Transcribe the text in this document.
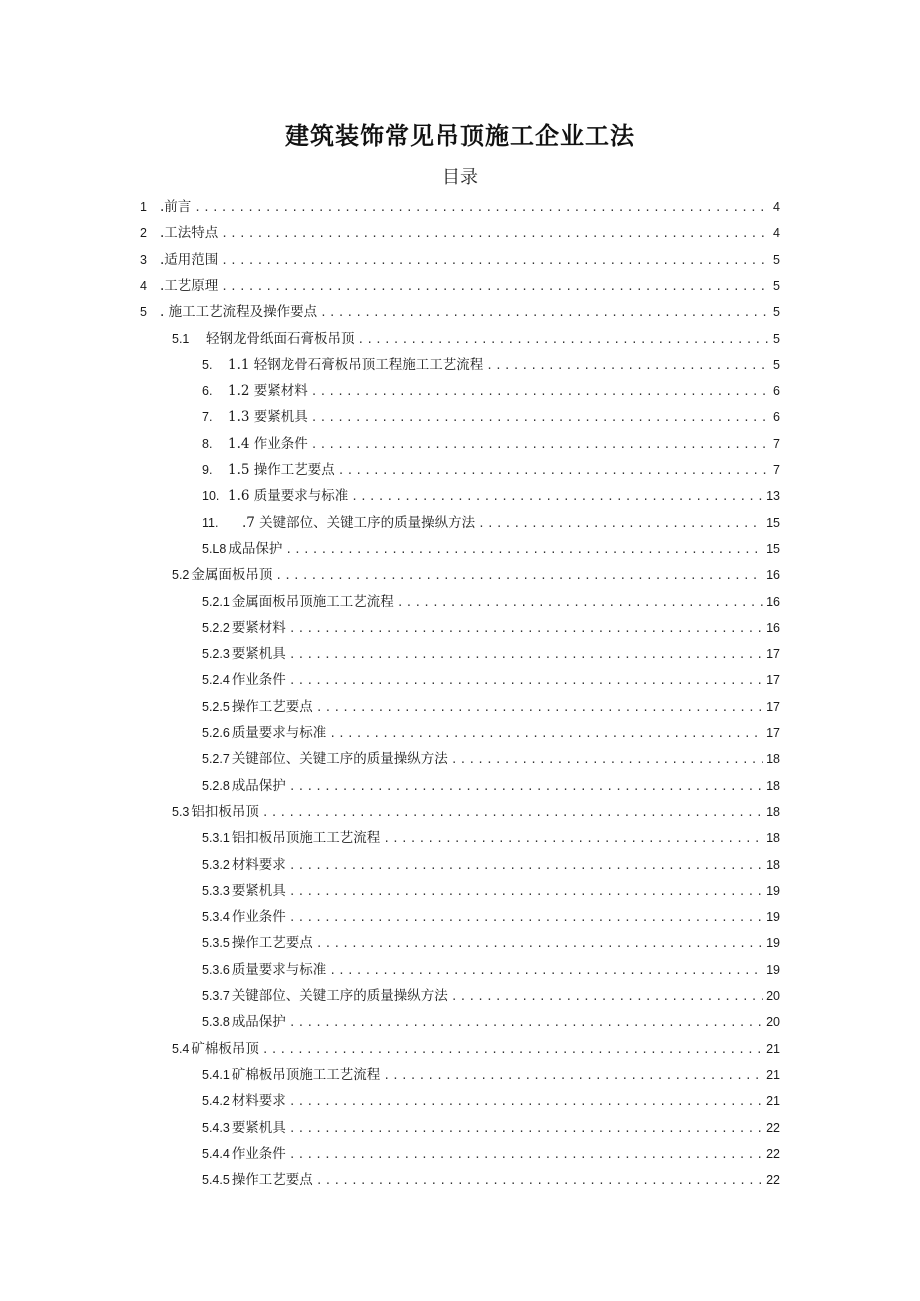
建筑装饰常见吊顶施工企业工法
目录
1 .前言 .....	4
2 .工法特点 .....	4
3 .适用范围 .....	5
4 .工艺原理 .....	5
5 . 施工工艺流程及操作要点 .....	5
5.1	轻钢龙骨纸面石膏板吊顶 .....	5
5.	1.1 轻钢龙骨石膏板吊顶工程施工工艺流程 .....	5
6.	1.2 要紧材料 .....	6
7.	1.3 要紧机具 .....	6
8.	1.4 作业条件 .....	7
9.	1.5 操作工艺要点 .....	7
10. 1.6 质量要求与标准 .....	13
11.	.7 关键部位、关键工序的质量操纵方法 .....	15
5.L8 成品保护 .....	15
5.2 金属面板吊顶 .....	16
5.2.1 金属面板吊顶施工工艺流程 .....	16
5.2.2 要紧材料 .....	16
5.2.3 要紧机具 .....	17
5.2.4 作业条件 .....	17
5.2.5 操作工艺要点 .....	17
5.2.6 质量要求与标准 .....	17
5.2.7 关键部位、关键工序的质量操纵方法 .....	18
5.2.8 成品保护 .....	18
5.3 铝扣板吊顶 .....	18
5.3.1 铝扣板吊顶施工工艺流程 .....	18
5.3.2 材料要求 .....	18
5.3.3 要紧机具 .....	19
5.3.4 作业条件 .....	19
5.3.5 操作工艺要点 .....	19
5.3.6 质量要求与标准 .....	19
5.3.7 关键部位、关键工序的质量操纵方法 .....	20
5.3.8 成品保护 .....	20
5.4 矿棉板吊顶 .....	21
5.4.1 矿棉板吊顶施工工艺流程 .....	21
5.4.2 材料要求 .....	21
5.4.3 要紧机具 .....	22
5.4.4 作业条件 .....	22
5.4.5 操作工艺要点 .....	22
